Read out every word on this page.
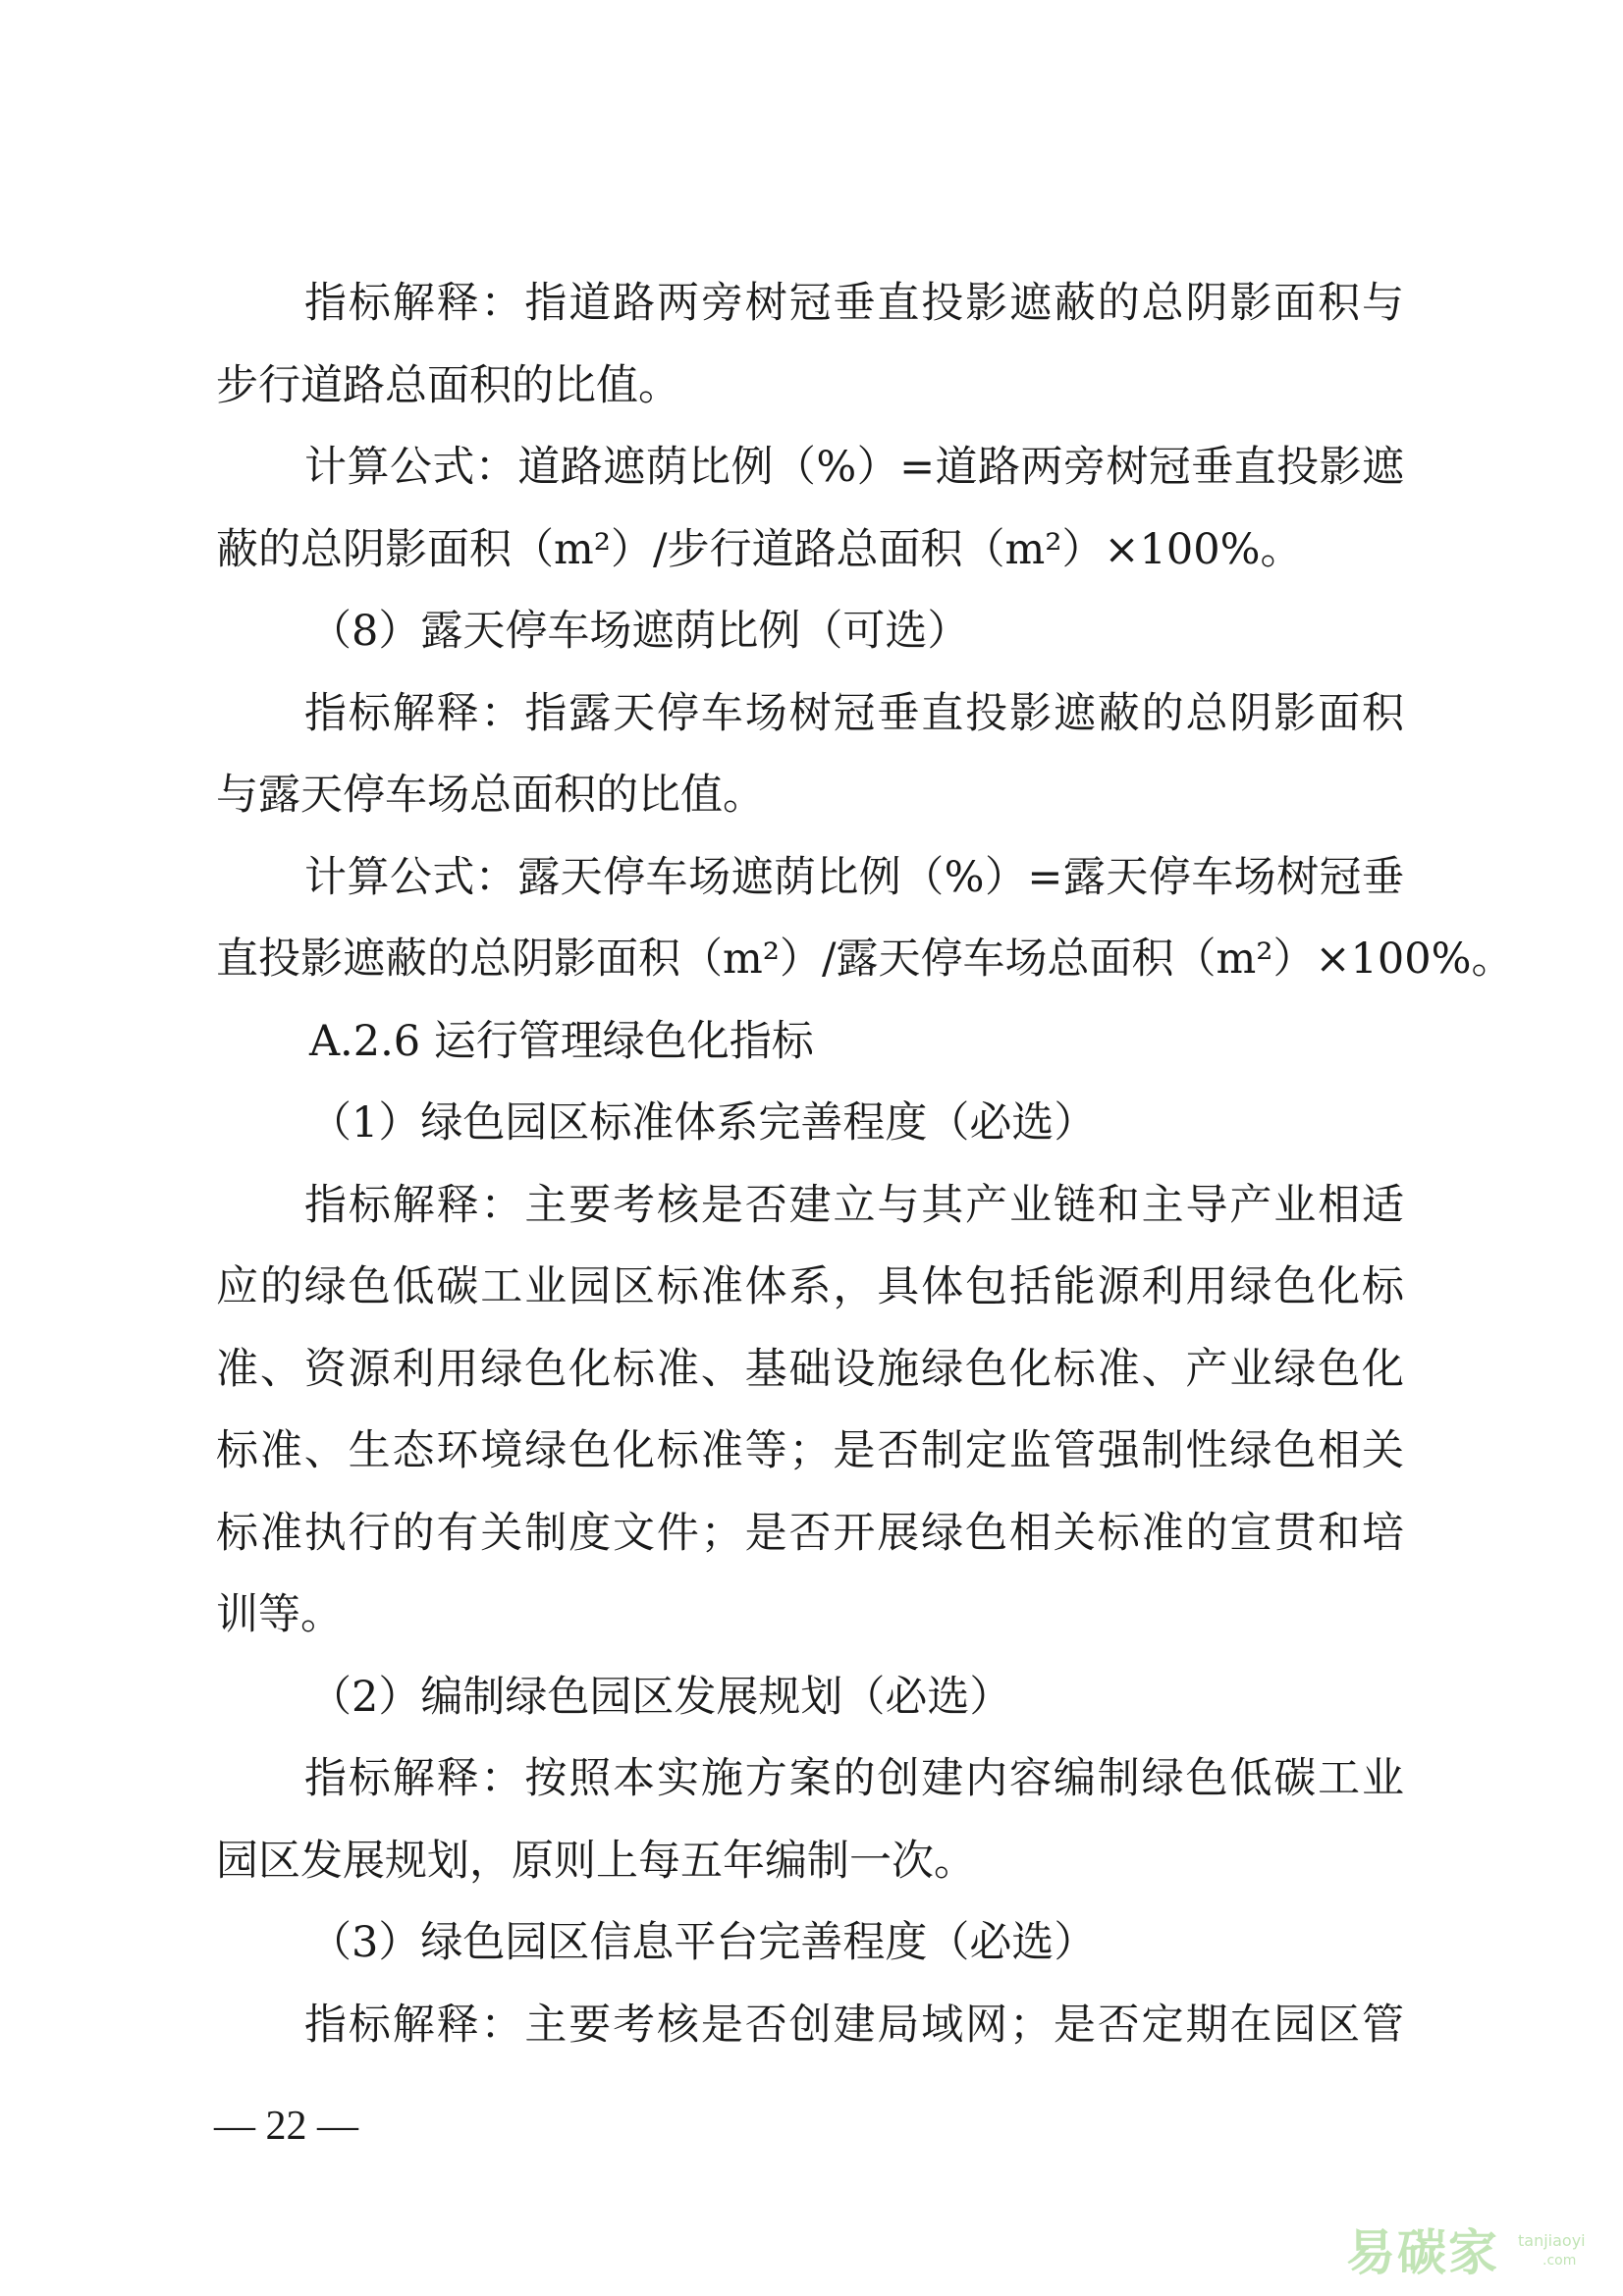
指标解释：指道路两旁树冠垂直投影遮蔽的总阴影面积与
步行道路总面积的比值。
计算公式：道路遮荫比例（%）=道路两旁树冠垂直投影遮
蔽的总阴影面积（m²）/步行道路总面积（m²）×100%。
（8）露天停车场遮荫比例（可选）
指标解释：指露天停车场树冠垂直投影遮蔽的总阴影面积
与露天停车场总面积的比值。
计算公式：露天停车场遮荫比例（%）=露天停车场树冠垂
直投影遮蔽的总阴影面积（m²）/露天停车场总面积（m²）×100%。
A.2.6 运行管理绿色化指标
（1）绿色园区标准体系完善程度（必选）
指标解释：主要考核是否建立与其产业链和主导产业相适
应的绿色低碳工业园区标准体系，具体包括能源利用绿色化标
准、资源利用绿色化标准、基础设施绿色化标准、产业绿色化
标准、生态环境绿色化标准等；是否制定监管强制性绿色相关
标准执行的有关制度文件；是否开展绿色相关标准的宣贯和培
训等。
（2）编制绿色园区发展规划（必选）
指标解释：按照本实施方案的创建内容编制绿色低碳工业
园区发展规划，原则上每五年编制一次。
（3）绿色园区信息平台完善程度（必选）
指标解释：主要考核是否创建局域网；是否定期在园区管
— 22 —
易碳家 tanjiaoyi
.com
